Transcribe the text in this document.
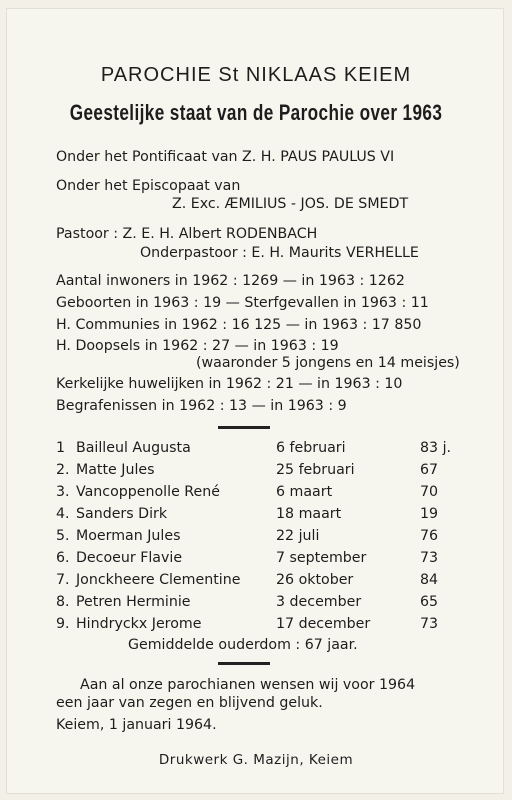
PAROCHIE St NIKLAAS KEIEM
Geestelijke staat van de Parochie over 1963
Onder het Pontificaat van Z. H. PAUS PAULUS VI
Onder het Episcopaat van
Z. Exc. ÆMILIUS - JOS. DE SMEDT
Pastoor : Z. E. H. Albert RODENBACH
Onderpastoor : E. H. Maurits VERHELLE
Aantal inwoners in 1962 : 1269 — in 1963 : 1262
Geboorten in 1963 : 19 — Sterfgevallen in 1963 : 11
H. Communies in 1962 : 16 125 — in 1963 : 17 850
H. Doopsels in 1962 : 27 — in 1963 : 19
(waaronder 5 jongens en 14 meisjes)
Kerkelijke huwelijken in 1962 : 21 — in 1963 : 10
Begrafenissen in 1962 : 13 — in 1963 : 9
1 Bailleul Augusta	6 februari	83 j.
2. Matte Jules	25 februari	67
3. Vancoppenolle René	6 maart	70
4. Sanders Dirk	18 maart	19
5. Moerman Jules	22 juli	76
6. Decoeur Flavie	7 september	73
7. Jonckheere Clementine	26 oktober	84
8. Petren Herminie	3 december	65
9. Hindryckx Jerome	17 december	73
Gemiddelde ouderdom : 67 jaar.
Aan al onze parochianen wensen wij voor 1964
een jaar van zegen en blijvend geluk.
Keiem, 1 januari 1964.
Drukwerk G. Mazijn, Keiem
